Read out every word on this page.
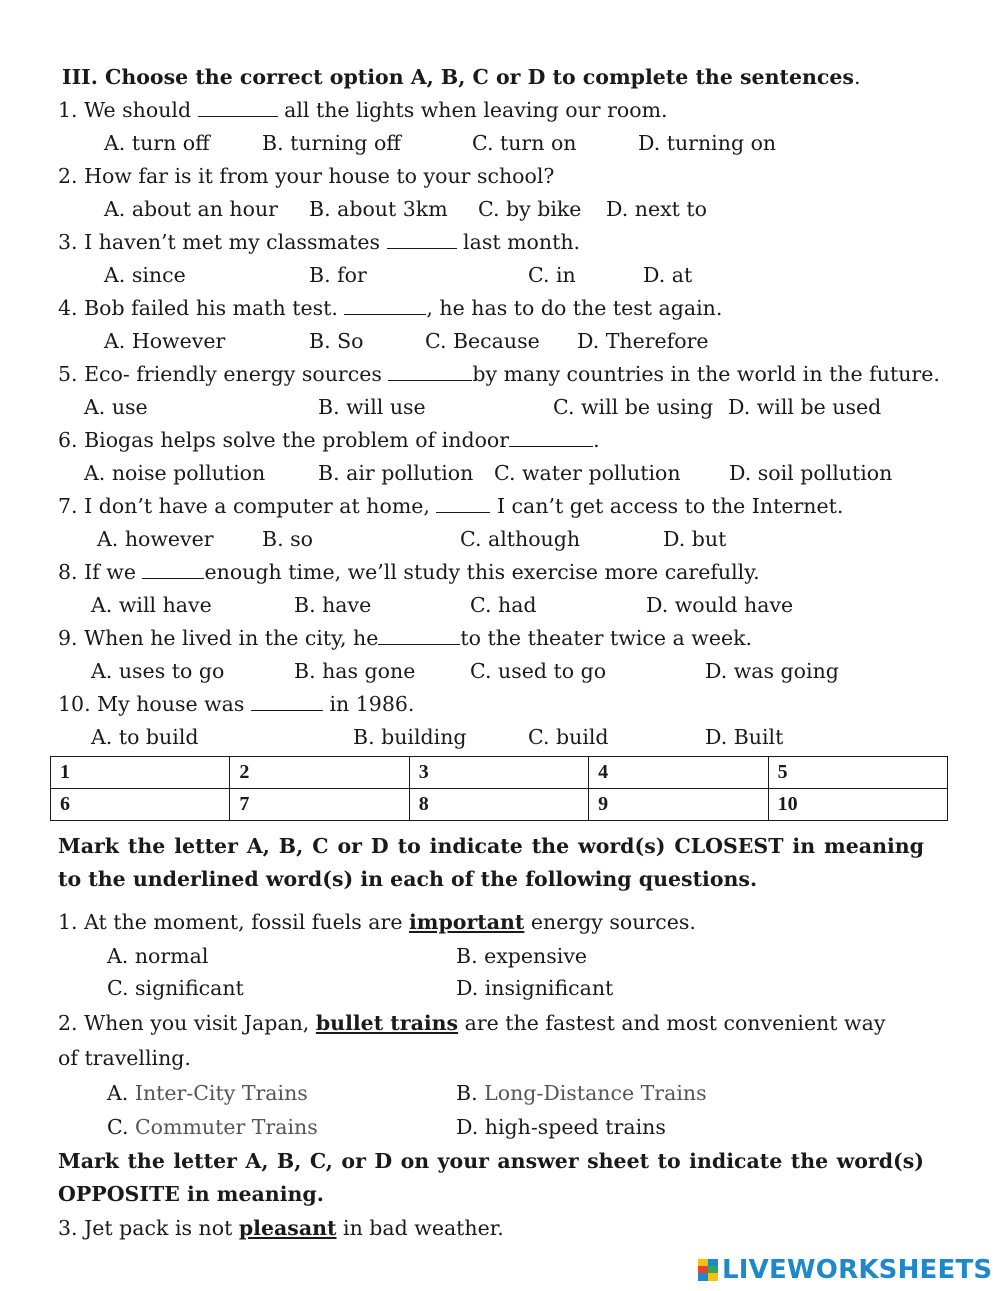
III. Choose the correct option A, B, C or D to complete the sentences.
1. We should	all the lights when leaving our room.
A. turn off	B. turning off	C. turn on	D. turning on
2. How far is it from your house to your school?
A. about an hour B. about 3km C. by bike D. next to
3. I haven’t met my classmates	last month.
A. since	B. for	C. in	D. at
4. Bob failed his math test.	, he has to do the test again.
A. However	B. So	C. Because D. Therefore
5. Eco- friendly energy sources	by many countries in the world in the future.
A. use	B. will use	C. will be using D. will be used
6. Biogas helps solve the problem of indoor	.
A. noise pollution	B. air pollution C. water pollution D. soil pollution
7. I don’t have a computer at home,	I can’t get access to the Internet.
A. however B. so	C. although	D. but
8. If we	enough time, we’ll study this exercise more carefully.
A. will have	B. have	C. had	D. would have
9. When he lived in the city, he	to the theater twice a week.
A. uses to go	B. has gone	C. used to go	D. was going
10. My house was	in 1986.
A. to build	B. building	C. build	D. Built
1	2	3	4	5
6	7	8	9	10
Mark the letter A, B, C or D to indicate the word(s) CLOSEST in meaning to the underlined word(s) in each of the following questions.
1. At the moment, fossil fuels are important energy sources.
A. normal	B. expensive
C. significant	D. insignificant
2. When you visit Japan, bullet trains are the fastest and most convenient way
of travelling.
A. Inter-City Trains	B. Long-Distance Trains
C. Commuter Trains	D. high-speed trains
Mark the letter A, B, C, or D on your answer sheet to indicate the word(s) OPPOSITE in meaning.
3. Jet pack is not pleasant in bad weather.
LIVEWORKSHEETS
